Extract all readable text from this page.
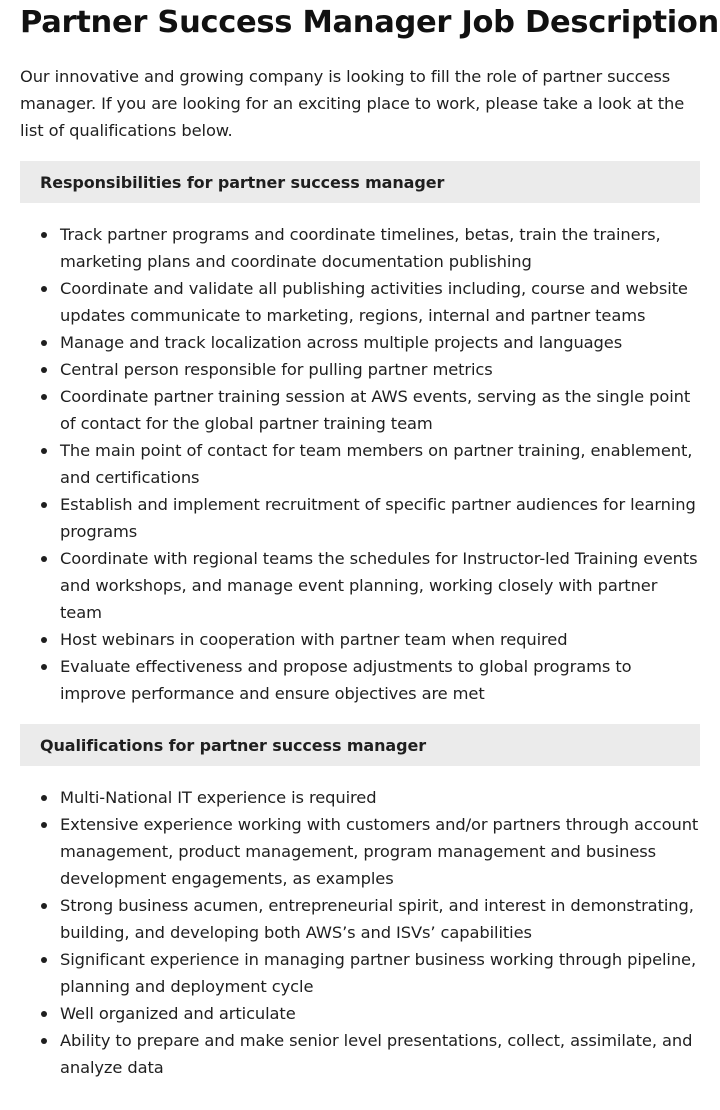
Partner Success Manager Job Description

Our innovative and growing company is looking to fill the role of partner success manager. If you are looking for an exciting place to work, please take a look at the list of qualifications below.

Responsibilities for partner success manager
Track partner programs and coordinate timelines, betas, train the trainers, marketing plans and coordinate documentation publishing
Coordinate and validate all publishing activities including, course and website updates communicate to marketing, regions, internal and partner teams
Manage and track localization across multiple projects and languages
Central person responsible for pulling partner metrics
Coordinate partner training session at AWS events, serving as the single point of contact for the global partner training team
The main point of contact for team members on partner training, enablement, and certifications
Establish and implement recruitment of specific partner audiences for learning programs
Coordinate with regional teams the schedules for Instructor-led Training events and workshops, and manage event planning, working closely with partner team
Host webinars in cooperation with partner team when required
Evaluate effectiveness and propose adjustments to global programs to improve performance and ensure objectives are met
Qualifications for partner success manager
Multi-National IT experience is required
Extensive experience working with customers and/or partners through account management, product management, program management and business development engagements, as examples
Strong business acumen, entrepreneurial spirit, and interest in demonstrating, building, and developing both AWS’s and ISVs’ capabilities
Significant experience in managing partner business working through pipeline, planning and deployment cycle
Well organized and articulate
Ability to prepare and make senior level presentations, collect, assimilate, and analyze data
